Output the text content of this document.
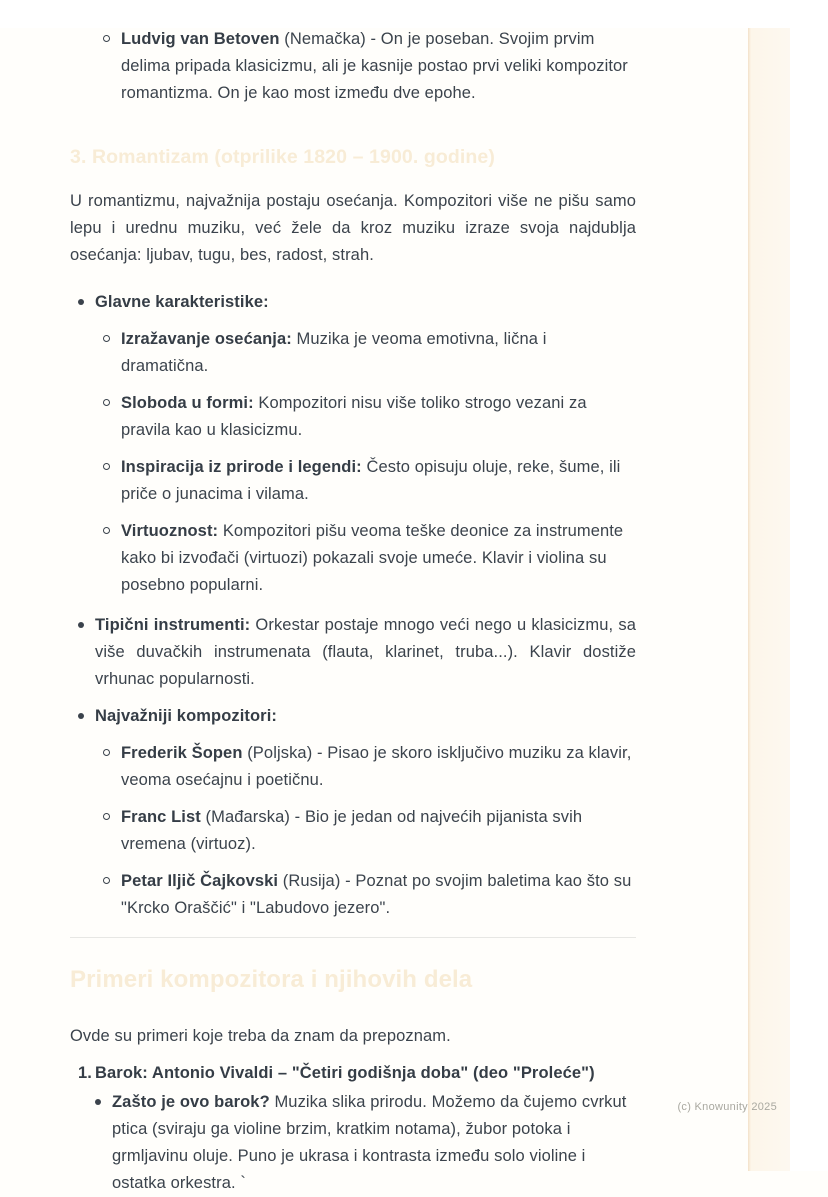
Ludvig van Betoven (Nemačka) - On je poseban. Svojim prvim delima pripada klasicizmu, ali je kasnije postao prvi veliki kompozitor romantizma. On je kao most između dve epohe.
3. Romantizam (otprilike 1820 – 1900. godine)

U romantizmu, najvažnija postaju osećanja. Kompozitori više ne pišu samo lepu i urednu muziku, već žele da kroz muziku izraze svoja najdublja osećanja: ljubav, tugu, bes, radost, strah.

Glavne karakteristike:
Izražavanje osećanja: Muzika je veoma emotivna, lična i dramatična.
Sloboda u formi: Kompozitori nisu više toliko strogo vezani za pravila kao u klasicizmu.
Inspiracija iz prirode i legendi: Često opisuju oluje, reke, šume, ili priče o junacima i vilama.
Virtuoznost: Kompozitori pišu veoma teške deonice za instrumente kako bi izvođači (virtuozi) pokazali svoje umeće. Klavir i violina su posebno popularni.
Tipični instrumenti: Orkestar postaje mnogo veći nego u klasicizmu, sa više duvačkih instrumenata (flauta, klarinet, truba...). Klavir dostiže vrhunac popularnosti.
Najvažniji kompozitori:
Frederik Šopen (Poljska) - Pisao je skoro isključivo muziku za klavir, veoma osećajnu i poetičnu.
Franc List (Mađarska) - Bio je jedan od najvećih pijanista svih vremena (virtuoz).
Petar Iljič Čajkovski (Rusija) - Poznat po svojim baletima kao što su "Krcko Oraščić" i "Labudovo jezero".
Primeri kompozitora i njihovih dela

Ovde su primeri koje treba da znam da prepoznam.

1. Barok: Antonio Vivaldi – "Četiri godišnja doba" (deo "Proleće")
Zašto je ovo barok? Muzika slika prirodu. Možemo da čujemo cvrkut ptica (sviraju ga violine brzim, kratkim notama), žubor potoka i grmljavinu oluje. Puno je ukrasa i kontrasta između solo violine i ostatka orkestra. `
(c) Knowunity 2025
